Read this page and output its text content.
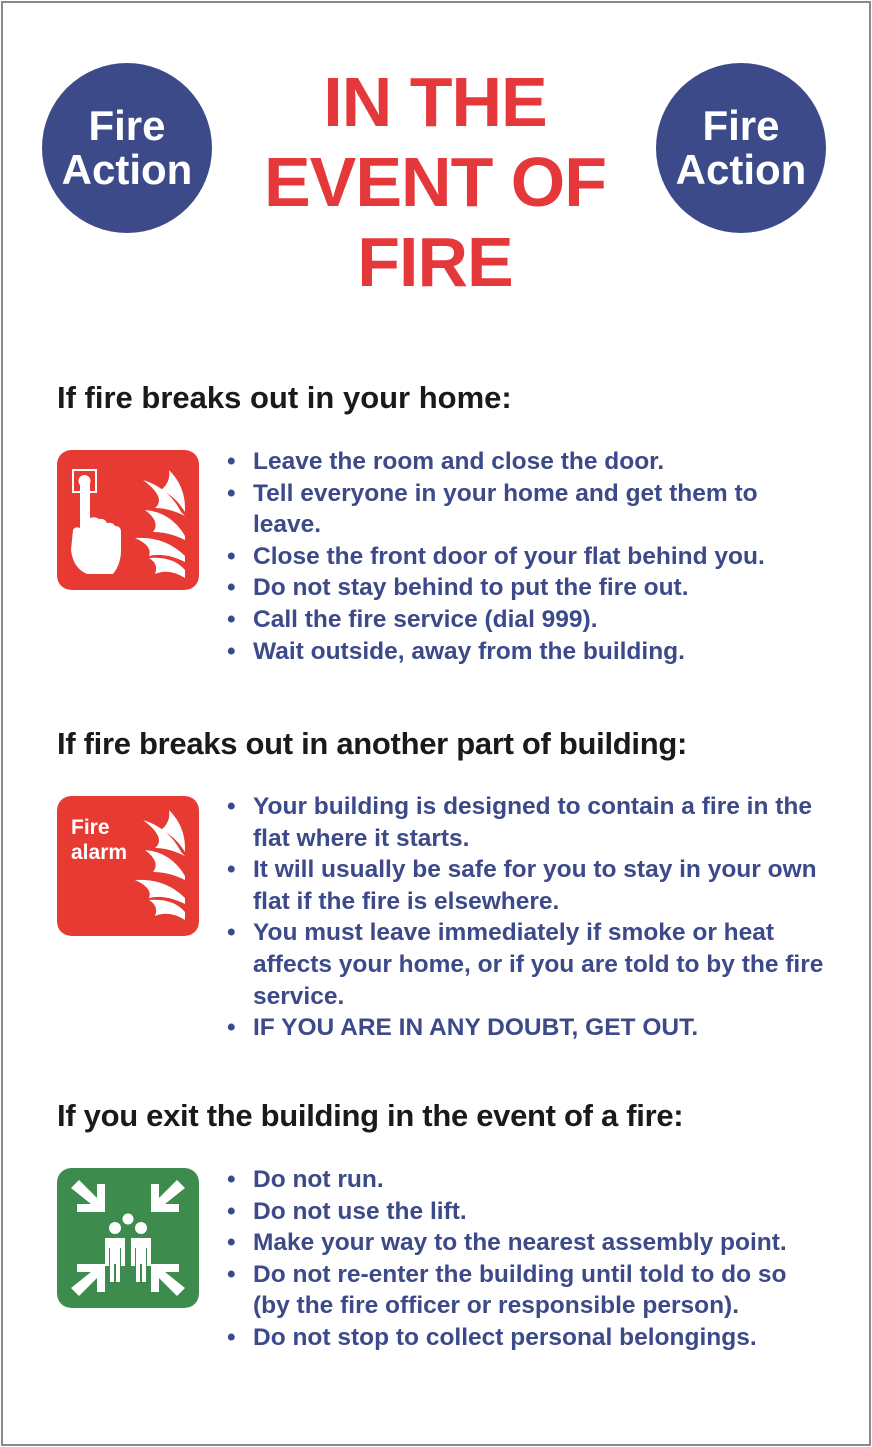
Fire
Action
IN THE
EVENT OF
FIRE
Fire
Action
If fire breaks out in your home:
• Leave the room and close the door.
• Tell everyone in your home and get them to leave.
• Close the front door of your flat behind you.
• Do not stay behind to put the fire out.
• Call the fire service (dial 999).
• Wait outside, away from the building.
If fire breaks out in another part of building:
Fire
alarm
• Your building is designed to contain a fire in the flat where it starts.
• It will usually be safe for you to stay in your own flat if the fire is elsewhere.
• You must leave immediately if smoke or heat affects your home, or if you are told to by the fire service.
• IF YOU ARE IN ANY DOUBT, GET OUT.
If you exit the building in the event of a fire:
• Do not run.
• Do not use the lift.
• Make your way to the nearest assembly point.
• Do not re-enter the building until told to do so (by the fire officer or responsible person).
• Do not stop to collect personal belongings.
